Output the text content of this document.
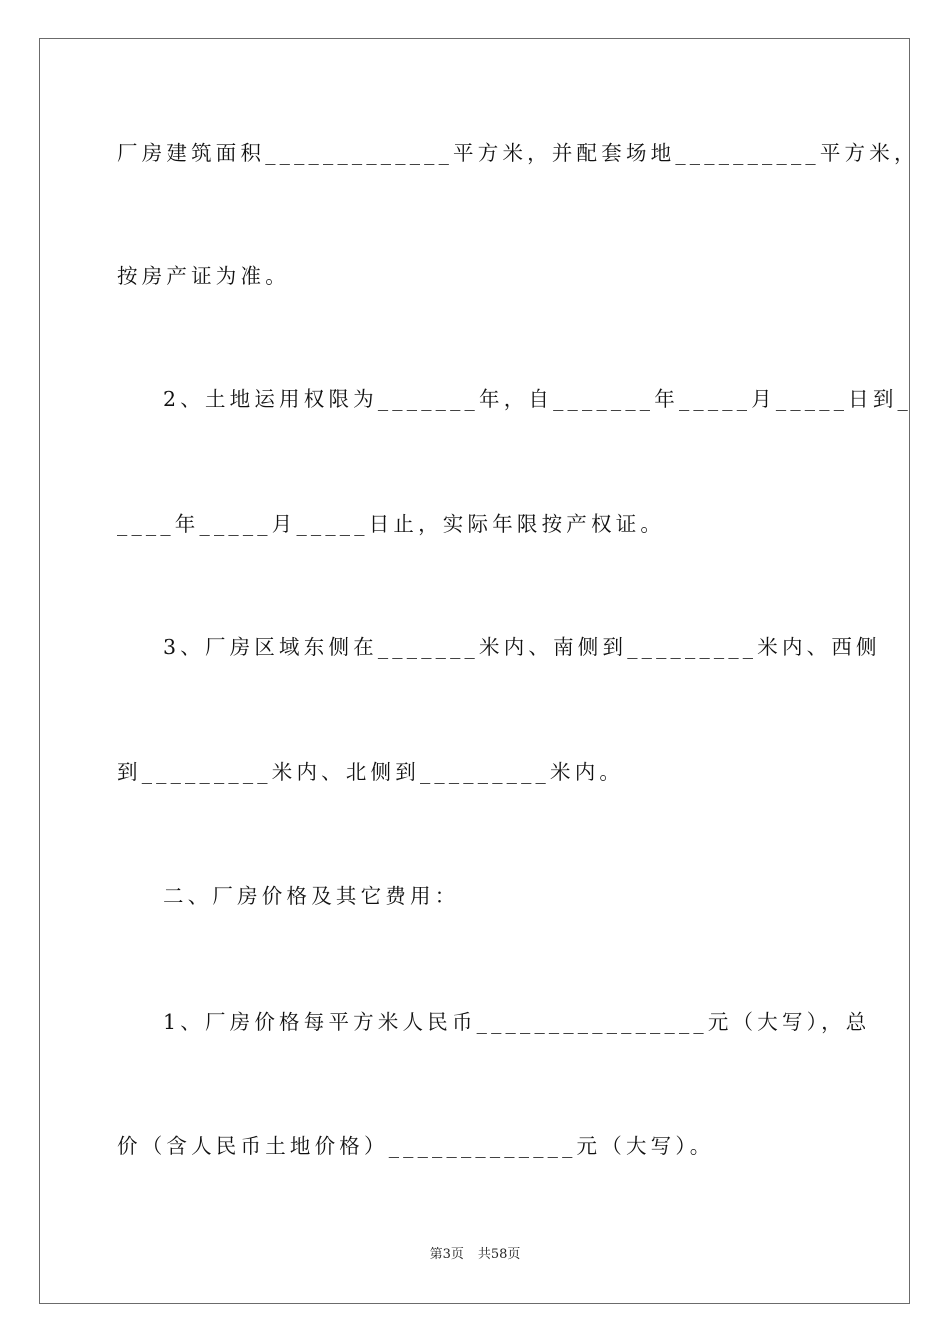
厂房建筑面积_____________平方米，并配套场地__________平方米，
按房产证为准。
2、土地运用权限为_______年，自_______年_____月_____日到_
____年_____月_____日止，实际年限按产权证。
3、厂房区域东侧在_______米内、南侧到_________米内、西侧
到_________米内、北侧到_________米内。
二、厂房价格及其它费用：
1、厂房价格每平方米人民币________________元（大写），总
价（含人民币土地价格）_____________元（大写）。
第3页 共58页
